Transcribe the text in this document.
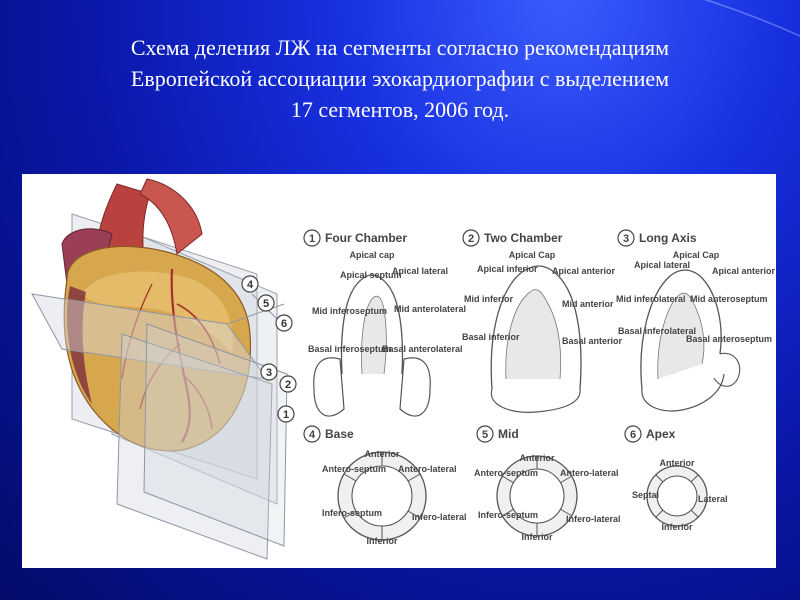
Схема деления ЛЖ на сегменты согласно рекомендациям
Европейской ассоциации эхокардиографии с выделением
17 сегментов, 2006 год.
4
5
6
3
2
1
1 Four Chamber
Apical cap
Apical septum
Apical lateral
Mid inferoseptum Mid anterolateral
Basal inferoseptum
Basal anterolateral
2 Two Chamber
Apical Cap
Apical inferior Apical anterior
Mid inferior	Mid anterior
Basal inferior	Basal anterior
3 Long Axis
Apical Cap
Apical lateral
Apical anterior
Mid inferolateral Mid anteroseptum
Basal inferolateral
Basal anteroseptum
4 Base
Anterior
Antero-septum Antero-lateral
Infero-septum	Infero-lateral
Inferior
5 Mid
Anterior
Antero-septum Antero-lateral
Infero-septum	Infero-lateral
Inferior
6 Apex
Anterior
Septal	Lateral
Inferior
